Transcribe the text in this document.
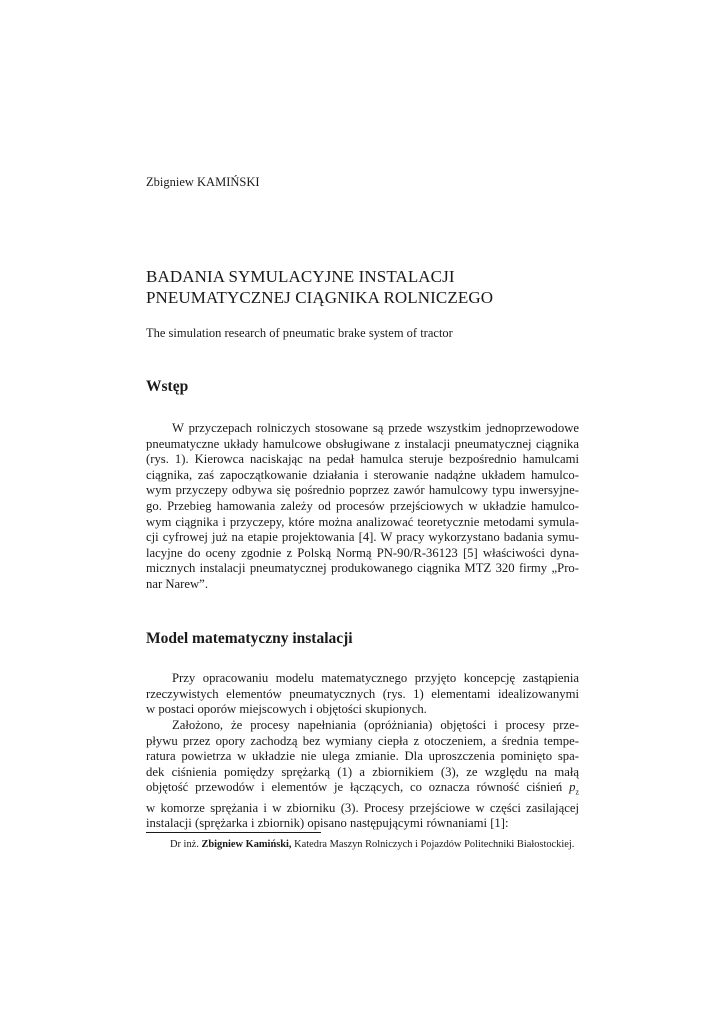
Zbigniew KAMIŃSKI
BADANIA SYMULACYJNE INSTALACJI
PNEUMATYCZNEJ CIĄGNIKA ROLNICZEGO
The simulation research of pneumatic brake system of tractor
Wstęp
W przyczepach rolniczych stosowane są przede wszystkim jednoprzewodowe
pneumatyczne układy hamulcowe obsługiwane z instalacji pneumatycznej ciągnika
(rys. 1). Kierowca naciskając na pedał hamulca steruje bezpośrednio hamulcami
ciągnika, zaś zapoczątkowanie działania i sterowanie nadążne układem hamulco-
wym przyczepy odbywa się pośrednio poprzez zawór hamulcowy typu inwersyjne-
go. Przebieg hamowania zależy od procesów przejściowych w układzie hamulco-
wym ciągnika i przyczepy, które można analizować teoretycznie metodami symula-
cji cyfrowej już na etapie projektowania [4]. W pracy wykorzystano badania symu-
lacyjne do oceny zgodnie z Polską Normą PN-90/R-36123 [5] właściwości dyna-
micznych instalacji pneumatycznej produkowanego ciągnika MTZ 320 firmy „Pro-
nar Narew”.
Model matematyczny instalacji
Przy opracowaniu modelu matematycznego przyjęto koncepcję zastąpienia
rzeczywistych elementów pneumatycznych (rys. 1) elementami idealizowanymi
w postaci oporów miejscowych i objętości skupionych.
Założono, że procesy napełniania (opróżniania) objętości i procesy prze-
pływu przez opory zachodzą bez wymiany ciepła z otoczeniem, a średnia tempe-
ratura powietrza w układzie nie ulega zmianie. Dla uproszczenia pominięto spa-
dek ciśnienia pomiędzy sprężarką (1) a zbiornikiem (3), ze względu na małą
objętość przewodów i elementów je łączących, co oznacza równość ciśnień $p_z$
w komorze sprężania i w zbiorniku (3). Procesy przejściowe w części zasilającej
instalacji (sprężarka i zbiornik) opisano następującymi równaniami [1]:
Dr inż. Zbigniew Kamiński, Katedra Maszyn Rolniczych i Pojazdów Politechniki Białostockiej.
